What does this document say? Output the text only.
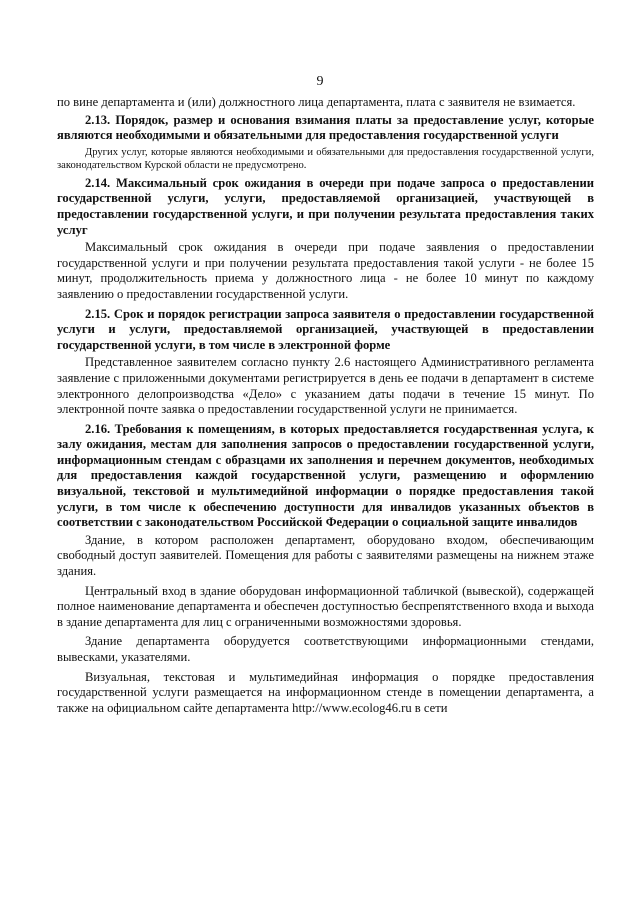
9

по вине департамента и (или) должностного лица департамента, плата с заявителя не взимается.

2.13. Порядок, размер и основания взимания платы за предоставление услуг, которые являются необходимыми и обязательными для предоставления государственной услуги

Других услуг, которые являются необходимыми и обязательными для предоставления государственной услуги, законодательством Курской области не предусмотрено.

2.14. Максимальный срок ожидания в очереди при подаче запроса о предоставлении государственной услуги, услуги, предоставляемой организацией, участвующей в предоставлении государственной услуги, и при получении результата предоставления таких услуг

Максимальный срок ожидания в очереди при подаче заявления о предоставлении государственной услуги и при получении результата предоставления такой услуги - не более 15 минут, продолжительность приема у должностного лица - не более 10 минут по каждому заявлению о предоставлении государственной услуги.

2.15. Срок и порядок регистрации запроса заявителя о предоставлении государственной услуги и услуги, предоставляемой организацией, участвующей в предоставлении государственной услуги, в том числе в электронной форме

Представленное заявителем согласно пункту 2.6 настоящего Административного регламента заявление с приложенными документами регистрируется в день ее подачи в департамент в системе электронного делопроизводства «Дело» с указанием даты подачи в течение 15 минут. По электронной почте заявка о предоставлении государственной услуги не принимается.

2.16. Требования к помещениям, в которых предоставляется государственная услуга, к залу ожидания, местам для заполнения запросов о предоставлении государственной услуги, информационным стендам с образцами их заполнения и перечнем документов, необходимых для предоставления каждой государственной услуги, размещению и оформлению визуальной, текстовой и мультимедийной информации о порядке предоставления такой услуги, в том числе к обеспечению доступности для инвалидов указанных объектов в соответствии с законодательством Российской Федерации о социальной защите инвалидов

Здание, в котором расположен департамент, оборудовано входом, обеспечивающим свободный доступ заявителей. Помещения для работы с заявителями размещены на нижнем этаже здания.

Центральный вход в здание оборудован информационной табличкой (вывеской), содержащей полное наименование департамента и обеспечен доступностью беспрепятственного входа и выхода в здание департамента для лиц с ограниченными возможностями здоровья.

Здание департамента оборудуется соответствующими информационными стендами, вывесками, указателями.

Визуальная, текстовая и мультимедийная информация о порядке предоставления государственной услуги размещается на информационном стенде в помещении департамента, а также на официальном сайте департамента http://www.ecolog46.ru в сети
